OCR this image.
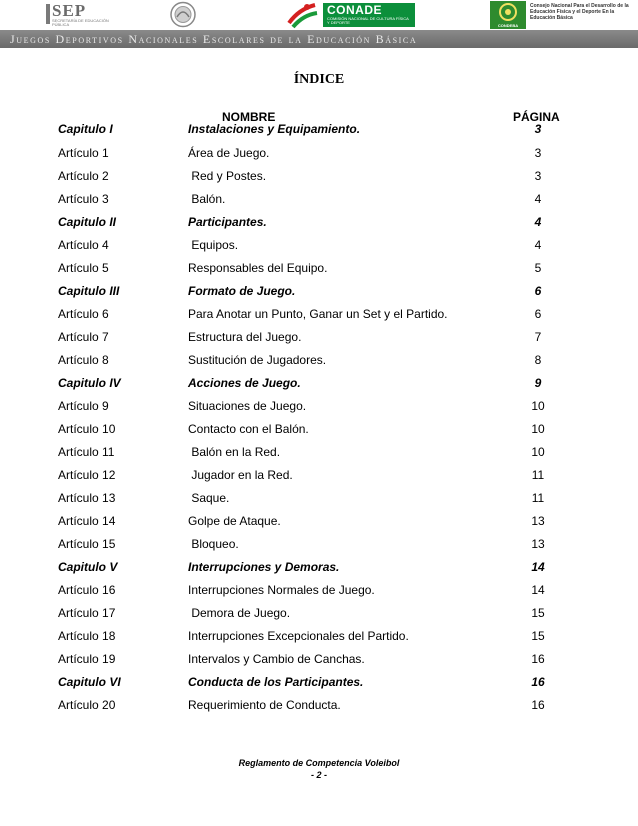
SEP
SECRETARÍA DE EDUCACIÓN PÚBLICA
CONADE
COMISIÓN NACIONAL DE CULTURA FÍSICA Y DEPORTE
CONDEBA
Consejo Nacional Para el Desarrollo de la Educación Física y el Deporte En la Educación Básica
Juegos Deportivos Nacionales Escolares de la Educación Básica
ÍNDICE
NOMBRE	PÁGINA
Capitulo I	Instalaciones y Equipamiento.	3
Artículo 1	Área de Juego.	3
Artículo 2	Red y Postes.	3
Artículo 3	Balón.	4
Capitulo II	Participantes.	4
Artículo 4	Equipos.	4
Artículo 5	Responsables del Equipo.	5
Capitulo III	Formato de Juego.	6
Artículo 6	Para Anotar un Punto, Ganar un Set y el Partido.	6
Artículo 7	Estructura del Juego.	7
Artículo 8	Sustitución de Jugadores.	8
Capitulo IV	Acciones de Juego.	9
Artículo 9	Situaciones de Juego.	10
Artículo 10	Contacto con el Balón.	10
Artículo 11	Balón en la Red.	10
Artículo 12	Jugador en la Red.	11
Artículo 13	Saque.	11
Artículo 14	Golpe de Ataque.	13
Artículo 15	Bloqueo.	13
Capitulo V	Interrupciones y Demoras.	14
Artículo 16	Interrupciones Normales de Juego.	14
Artículo 17	Demora de Juego.	15
Artículo 18	Interrupciones Excepcionales del Partido.	15
Artículo 19	Intervalos y Cambio de Canchas.	16
Capitulo VI	Conducta de los Participantes.	16
Artículo 20	Requerimiento de Conducta.	16
Reglamento de Competencia Voleibol
- 2 -
